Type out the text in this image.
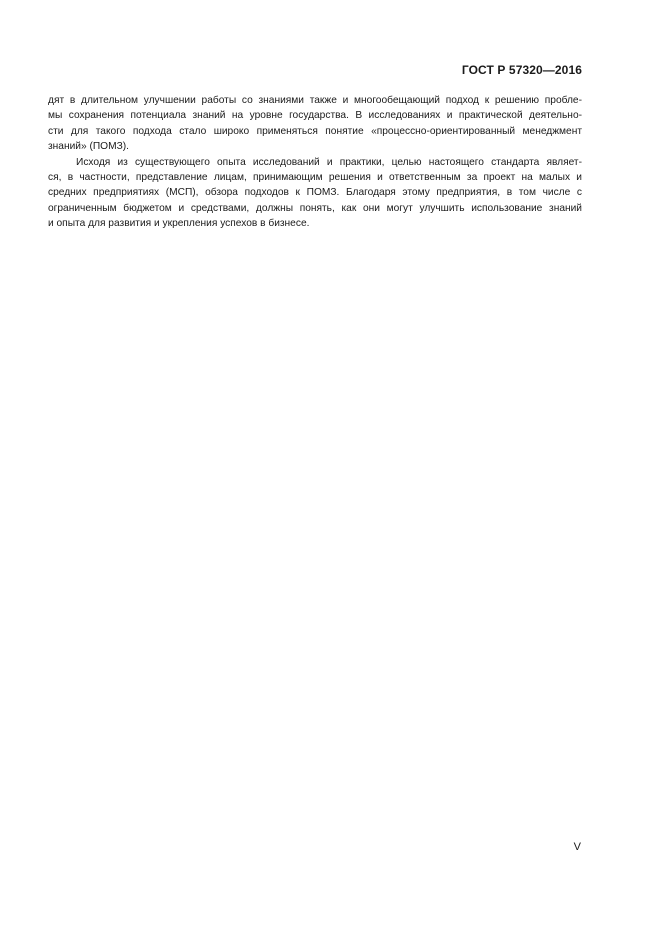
ГОСТ Р 57320—2016

дят в длительном улучшении работы со знаниями также и многообещающий подход к решению пробле-
мы сохранения потенциала знаний на уровне государства. В исследованиях и практической деятельно-
сти для такого подхода стало широко применяться понятие «процессно-ориентированный менеджмент
знаний» (ПОМЗ).

Исходя из существующего опыта исследований и практики, целью настоящего стандарта являет-
ся, в частности, представление лицам, принимающим решения и ответственным за проект на малых и
средних предприятиях (МСП), обзора подходов к ПОМЗ. Благодаря этому предприятия, в том числе с
ограниченным бюджетом и средствами, должны понять, как они могут улучшить использование знаний
и опыта для развития и укрепления успехов в бизнесе.

V
